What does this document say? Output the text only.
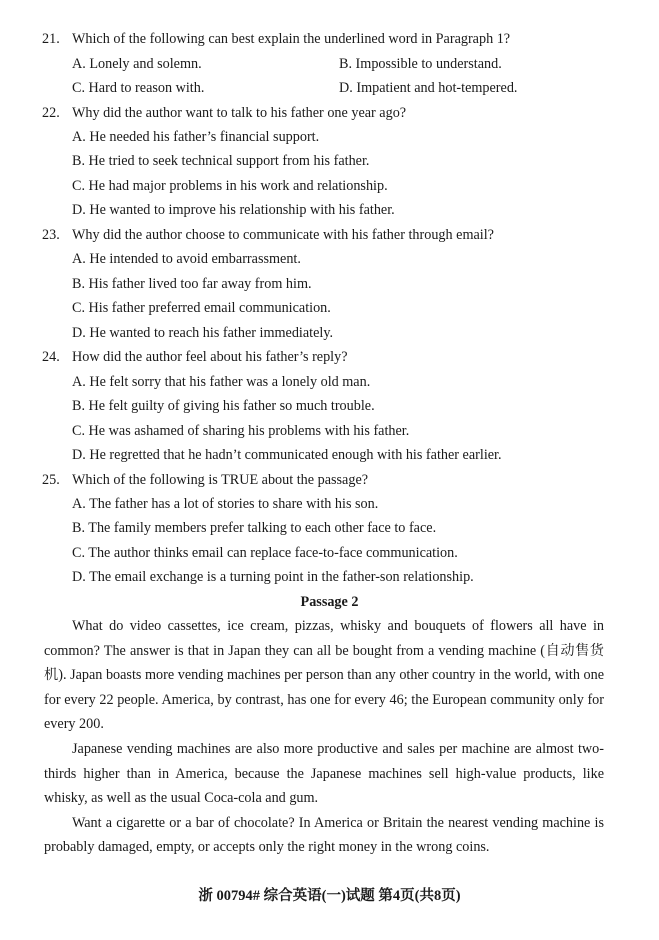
21. Which of the following can best explain the underlined word in Paragraph 1?
A. Lonely and solemn.	B. Impossible to understand.
C. Hard to reason with.	D. Impatient and hot-tempered.
22. Why did the author want to talk to his father one year ago?
A. He needed his father’s financial support.
B. He tried to seek technical support from his father.
C. He had major problems in his work and relationship.
D. He wanted to improve his relationship with his father.
23. Why did the author choose to communicate with his father through email?
A. He intended to avoid embarrassment.
B. His father lived too far away from him.
C. His father preferred email communication.
D. He wanted to reach his father immediately.
24. How did the author feel about his father’s reply?
A. He felt sorry that his father was a lonely old man.
B. He felt guilty of giving his father so much trouble.
C. He was ashamed of sharing his problems with his father.
D. He regretted that he hadn’t communicated enough with his father earlier.
25. Which of the following is TRUE about the passage?
A. The father has a lot of stories to share with his son.
B. The family members prefer talking to each other face to face.
C. The author thinks email can replace face-to-face communication.
D. The email exchange is a turning point in the father-son relationship.
Passage 2

What do video cassettes, ice cream, pizzas, whisky and bouquets of flowers all have in common? The answer is that in Japan they can all be bought from a vending machine (自动售货机). Japan boasts more vending machines per person than any other country in the world, with one for every 22 people. America, by contrast, has one for every 46; the European community only for every 200.

Japanese vending machines are also more productive and sales per machine are almost two-thirds higher than in America, because the Japanese machines sell high-value products, like whisky, as well as the usual Coca-cola and gum.

Want a cigarette or a bar of chocolate? In America or Britain the nearest vending machine is probably damaged, empty, or accepts only the right money in the wrong coins.

浙 00794# 综合英语(一)试题 第4页(共8页)
